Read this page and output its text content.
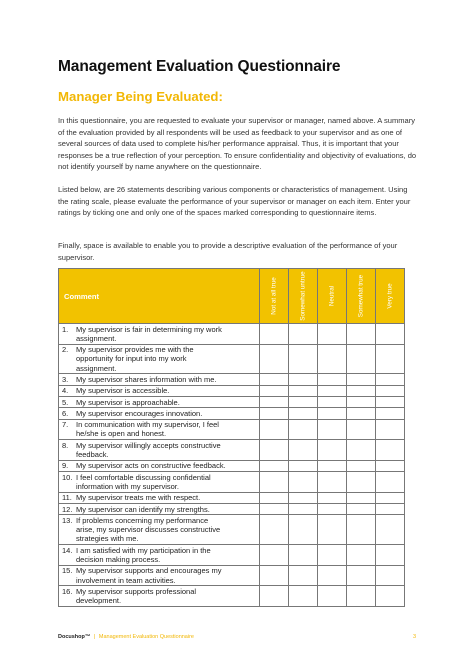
Management Evaluation Questionnaire
Manager Being Evaluated:

In this questionnaire, you are requested to evaluate your supervisor or manager, named above. A summary of the evaluation provided by all respondents will be used as feedback to your supervisor and as one of several sources of data used to complete his/her performance appraisal. Thus, it is important that your responses be a true reflection of your perception. To ensure confidentiality and objectivity of evaluations, do not identify yourself by name anywhere on the questionnaire.

Listed below, are 26 statements describing various components or characteristics of management. Using the rating scale, please evaluate the performance of your supervisor or manager on each item. Enter your ratings by ticking one and only one of the spaces marked corresponding to questionnaire items.

Finally, space is available to enable you to provide a descriptive evaluation of the performance of your supervisor.

Comment	Not at all true	Somewhat untrue	Neutral	Somewhat true	Very true

1. My supervisor is fair in determining my work assignment.					
2. My supervisor provides me with the opportunity for input into my work assignment.					
3. My supervisor shares information with me.					
4. My supervisor is accessible.					
5. My supervisor is approachable.					
6. My supervisor encourages innovation.					
7. In communication with my supervisor, I feel he/she is open and honest.					
8. My supervisor willingly accepts constructive feedback.					
9. My supervisor acts on constructive feedback.					
10. I feel comfortable discussing confidential information with my supervisor.					
11. My supervisor treats me with respect.					
12. My supervisor can identify my strengths.					
13. If problems concerning my performance arise, my supervisor discusses constructive strategies with me.					
14. I am satisfied with my participation in the decision making process.					
15. My supervisor supports and encourages my involvement in team activities.					
16. My supervisor supports professional development.					
Docushop™ | Management Evaluation Questionnaire	3
